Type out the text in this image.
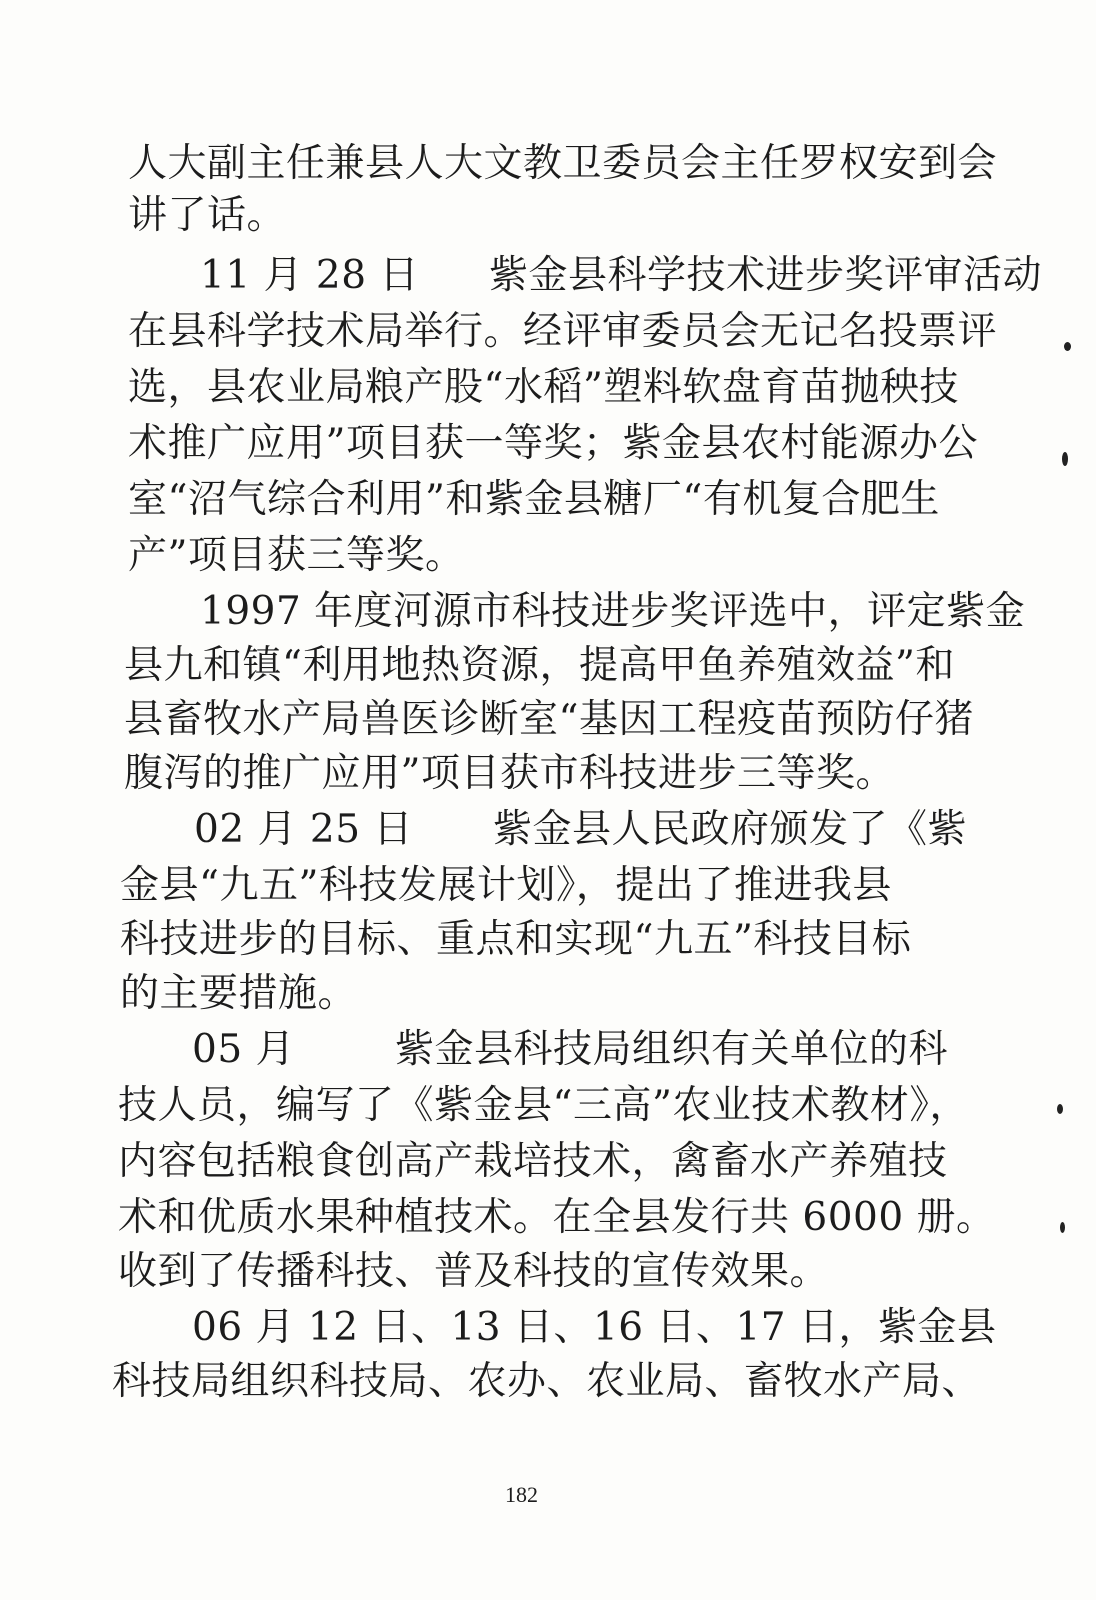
人大副主任兼县人大文教卫委员会主任罗权安到会
讲了话。
11 月 28 日 紫金县科学技术进步奖评审活动
在县科学技术局举行。经评审委员会无记名投票评
选，县农业局粮产股“水稻”塑料软盘育苗抛秧技
术推广应用”项目获一等奖；紫金县农村能源办公
室“沼气综合利用”和紫金县糖厂“有机复合肥生
产”项目获三等奖。
1997 年度河源市科技进步奖评选中，评定紫金
县九和镇“利用地热资源，提高甲鱼养殖效益”和
县畜牧水产局兽医诊断室“基因工程疫苗预防仔猪
腹泻的推广应用”项目获市科技进步三等奖。
02 月 25 日 紫金县人民政府颁发了《紫
金县“九五”科技发展计划》，提出了推进我县
科技进步的目标、重点和实现“九五”科技目标
的主要措施。
05 月	紫金县科技局组织有关单位的科
技人员，编写了《紫金县“三高”农业技术教材》，
内容包括粮食创高产栽培技术，禽畜水产养殖技
术和优质水果种植技术。在全县发行共 6000 册。
收到了传播科技、普及科技的宣传效果。
06 月 12 日、13 日、16 日、17 日，紫金县
科技局组织科技局、农办、农业局、畜牧水产局、
182
